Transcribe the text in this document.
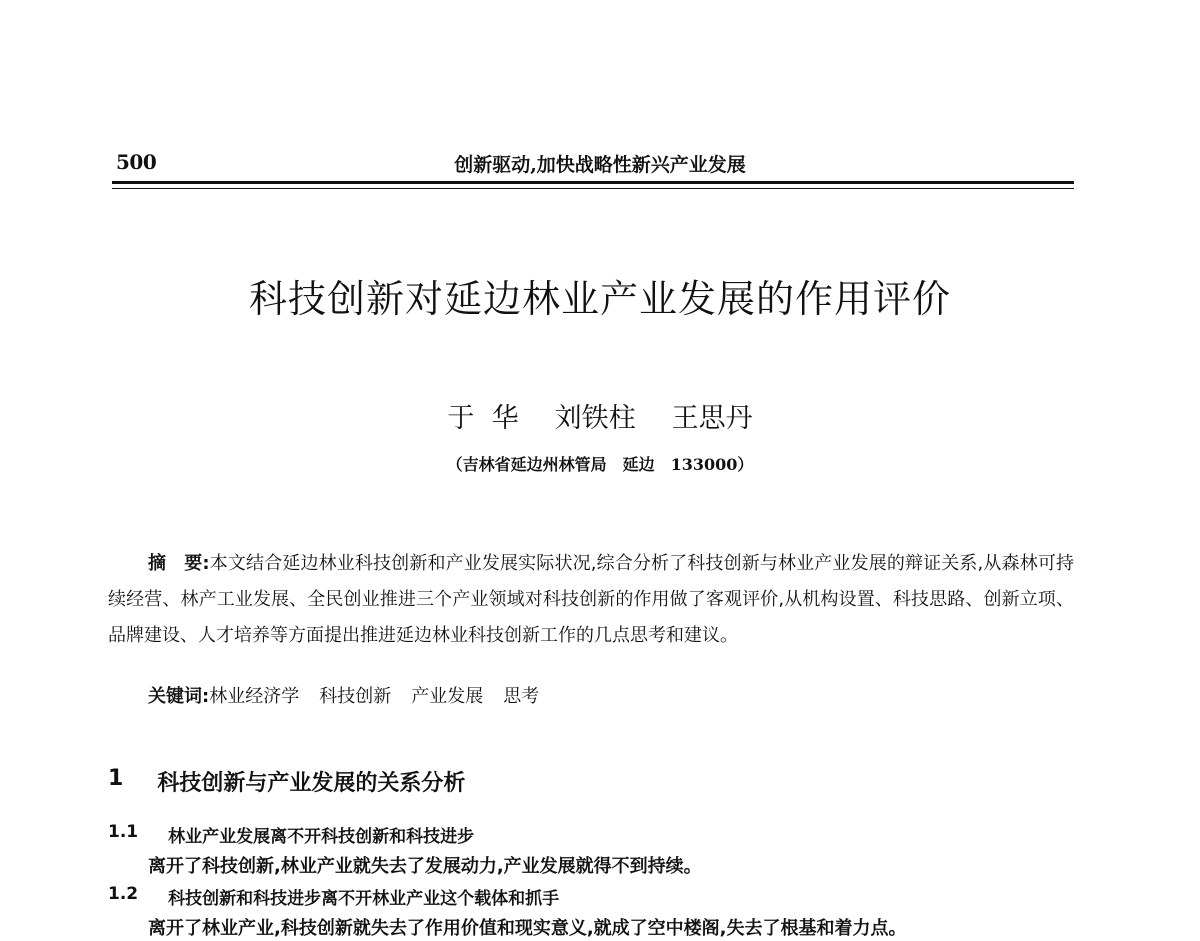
500	创新驱动,加快战略性新兴产业发展
科技创新对延边林业产业发展的作用评价
于  华 刘铁柱 王思丹
（吉林省延边州林管局　延边　133000）
摘　要:本文结合延边林业科技创新和产业发展实际状况,综合分析了科技创新与林业产业发展的辩证关系,从森林可持续经营、林产工业发展、全民创业推进三个产业领域对科技创新的作用做了客观评价,从机构设置、科技思路、创新立项、品牌建设、人才培养等方面提出推进延边林业科技创新工作的几点思考和建议。
关键词: 林业经济学 科技创新 产业发展 思考
1 科技创新与产业发展的关系分析
1.1 林业产业发展离不开科技创新和科技进步
离开了科技创新,林业产业就失去了发展动力,产业发展就得不到持续。
1.2 科技创新和科技进步离不开林业产业这个载体和抓手
离开了林业产业,科技创新就失去了作用价值和现实意义,就成了空中楼阁,失去了根基和着力点。
